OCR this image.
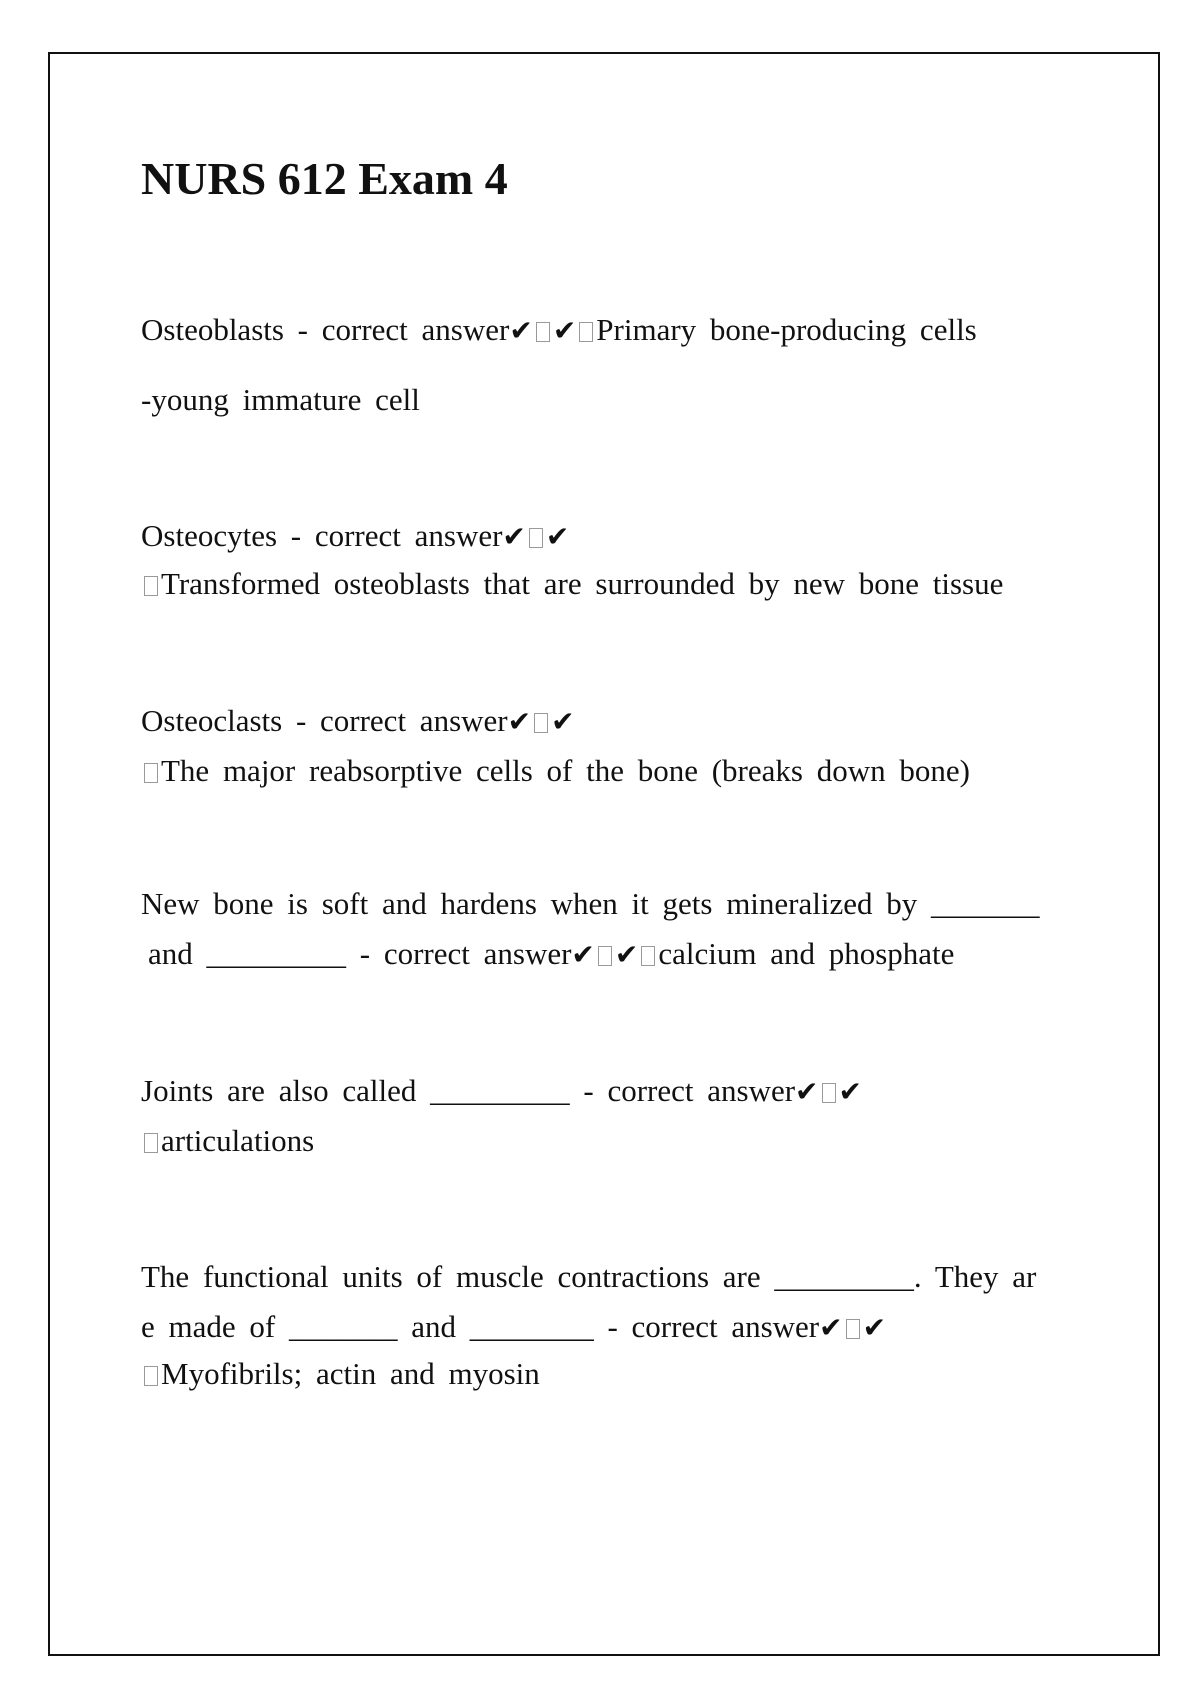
NURS 612 Exam 4

Osteoblasts - correct answer✔ ✔ Primary bone-producing cells

-young immature cell

Osteocytes - correct answer✔ ✔

Transformed osteoblasts that are surrounded by new bone tissue

Osteoclasts - correct answer✔ ✔

The major reabsorptive cells of the bone (breaks down bone)

New bone is soft and hardens when it gets mineralized by _______

and _________ - correct answer✔ ✔ calcium and phosphate

Joints are also called _________ - correct answer✔ ✔

articulations

The functional units of muscle contractions are _________. They ar

e made of _______ and ________ - correct answer✔ ✔

Myofibrils; actin and myosin
